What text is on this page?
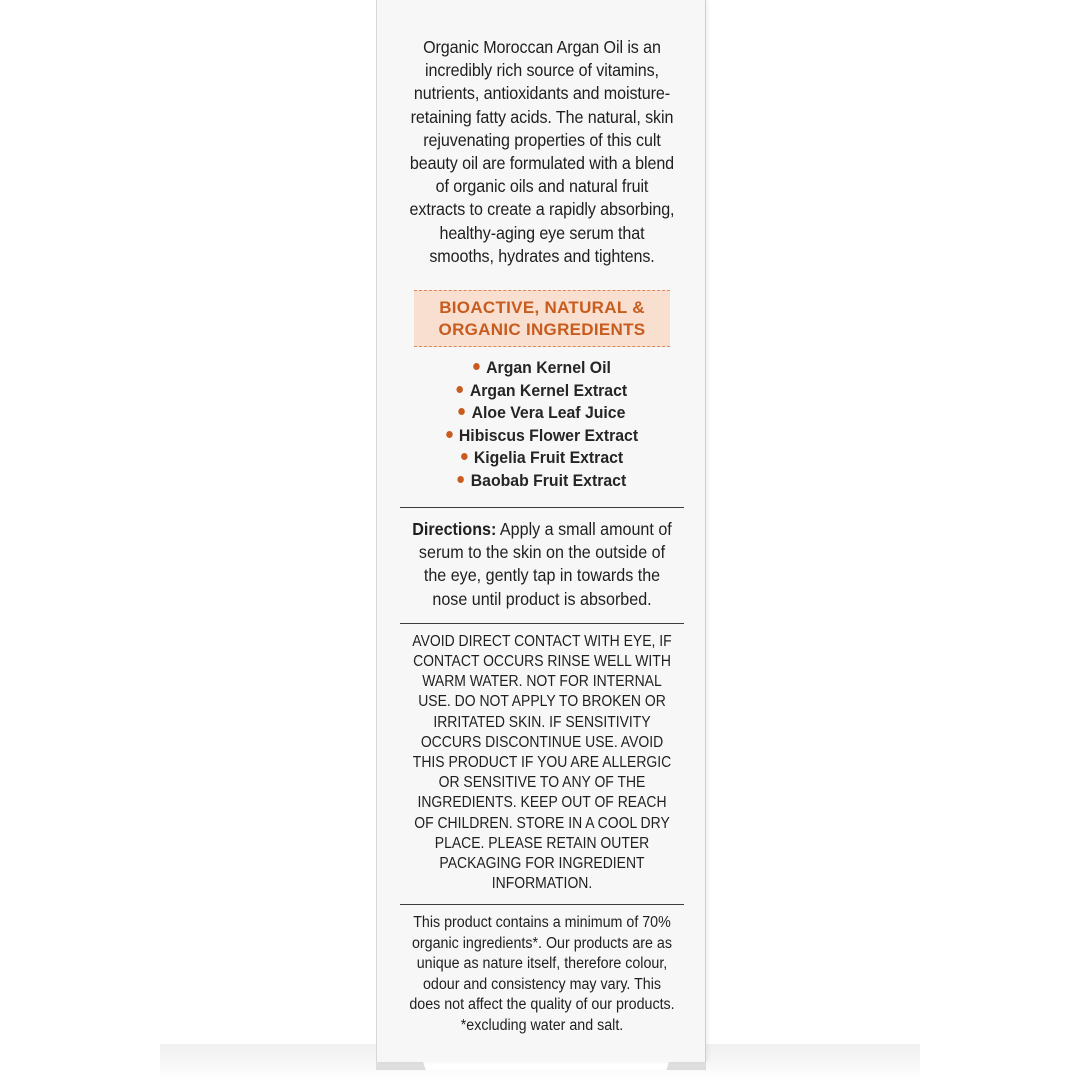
Organic Moroccan Argan Oil is an incredibly rich source of vitamins, nutrients, antioxidants and moisture-retaining fatty acids. The natural, skin rejuvenating properties of this cult beauty oil are formulated with a blend of organic oils and natural fruit extracts to create a rapidly absorbing, healthy-aging eye serum that smooths, hydrates and tightens.

BIOACTIVE, NATURAL &
ORGANIC INGREDIENTS
Argan Kernel Oil
Argan Kernel Extract
Aloe Vera Leaf Juice
Hibiscus Flower Extract
Kigelia Fruit Extract
Baobab Fruit Extract

Directions: Apply a small amount of serum to the skin on the outside of the eye, gently tap in towards the nose until product is absorbed.

AVOID DIRECT CONTACT WITH EYE, IF CONTACT OCCURS RINSE WELL WITH WARM WATER. NOT FOR INTERNAL USE. DO NOT APPLY TO BROKEN OR IRRITATED SKIN. IF SENSITIVITY OCCURS DISCONTINUE USE. AVOID THIS PRODUCT IF YOU ARE ALLERGIC OR SENSITIVE TO ANY OF THE INGREDIENTS. KEEP OUT OF REACH OF CHILDREN. STORE IN A COOL DRY PLACE. PLEASE RETAIN OUTER PACKAGING FOR INGREDIENT INFORMATION.

This product contains a minimum of 70% organic ingredients*. Our products are as unique as nature itself, therefore colour, odour and consistency may vary. This does not affect the quality of our products. *excluding water and salt.
